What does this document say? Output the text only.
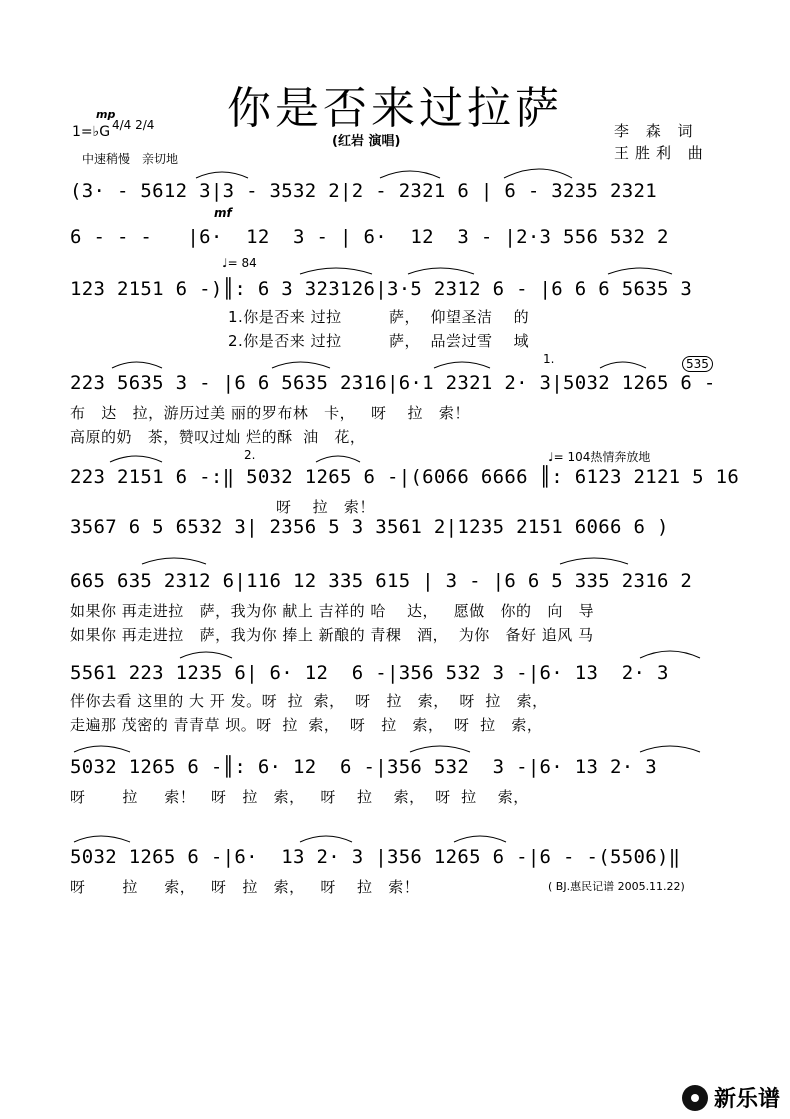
你是否来过拉萨
1=♭G 4/4 2/4
mp
中速稍慢　亲切地
(红岩 演唱)
李 森 词
王胜利 曲
(3· - 5612 3|3 - 3532 2|2 - 2321 6 | 6 - 3235 2321
mf
6 - - -   |6·  12  3 - | 6·  12  3 - |2·3 556 532 2
♩= 84
123 2151 6 -)║: 6 3 323126|3·5 2312 6 - |6 6 6 5635 3
1.你是否来 过拉         萨，  仰望圣洁    的
2.你是否来 过拉         萨，  品尝过雪    域
1.	535
223 5635 3 - |6 6 5635 2316|6·1 2321 2· 3|5032 1265 6 -
布   达   拉，游历过美 丽的罗布林   卡，   呀    拉   索！
高原的奶   茶，赞叹过灿 烂的酥  油   花，
2.	♩= 104热情奔放地
223 2151 6 -:‖ 5032 1265 6 -|(6066 6666 ║: 6123 2121 5 16
呀    拉   索！
3567 6 5 6532 3| 2356 5 3 3561 2|1235 2151 6066 6 )
665 635 2312 6|116 12 335 615 | 3 - |6 6 5 335 2316 2
如果你 再走进拉   萨，我为你 献上 吉祥的 哈    达，   愿做   你的   向   导
如果你 再走进拉   萨，我为你 捧上 新酿的 青稞   酒，  为你   备好 追风 马
5561 223 1235 6| 6· 12  6 -|356 532 3 -|6· 13  2· 3
伴你去看 这里的 大 开 发。呀  拉  索，  呀   拉   索，  呀  拉   索，
走遍那 茂密的 青青草 坝。呀  拉  索，  呀   拉   索，  呀  拉   索，
5032 1265 6 -║: 6· 12  6 -|356 532  3 -|6· 13 2· 3
呀       拉     索！   呀   拉   索，   呀    拉    索，  呀  拉    索，
5032 1265 6 -|6·  13 2· 3 |356 1265 6 -|6 - -(5506)‖
呀       拉     索，   呀   拉   索，   呀    拉   索！	( BJ.惠民记谱 2005.11.22)
新乐谱
